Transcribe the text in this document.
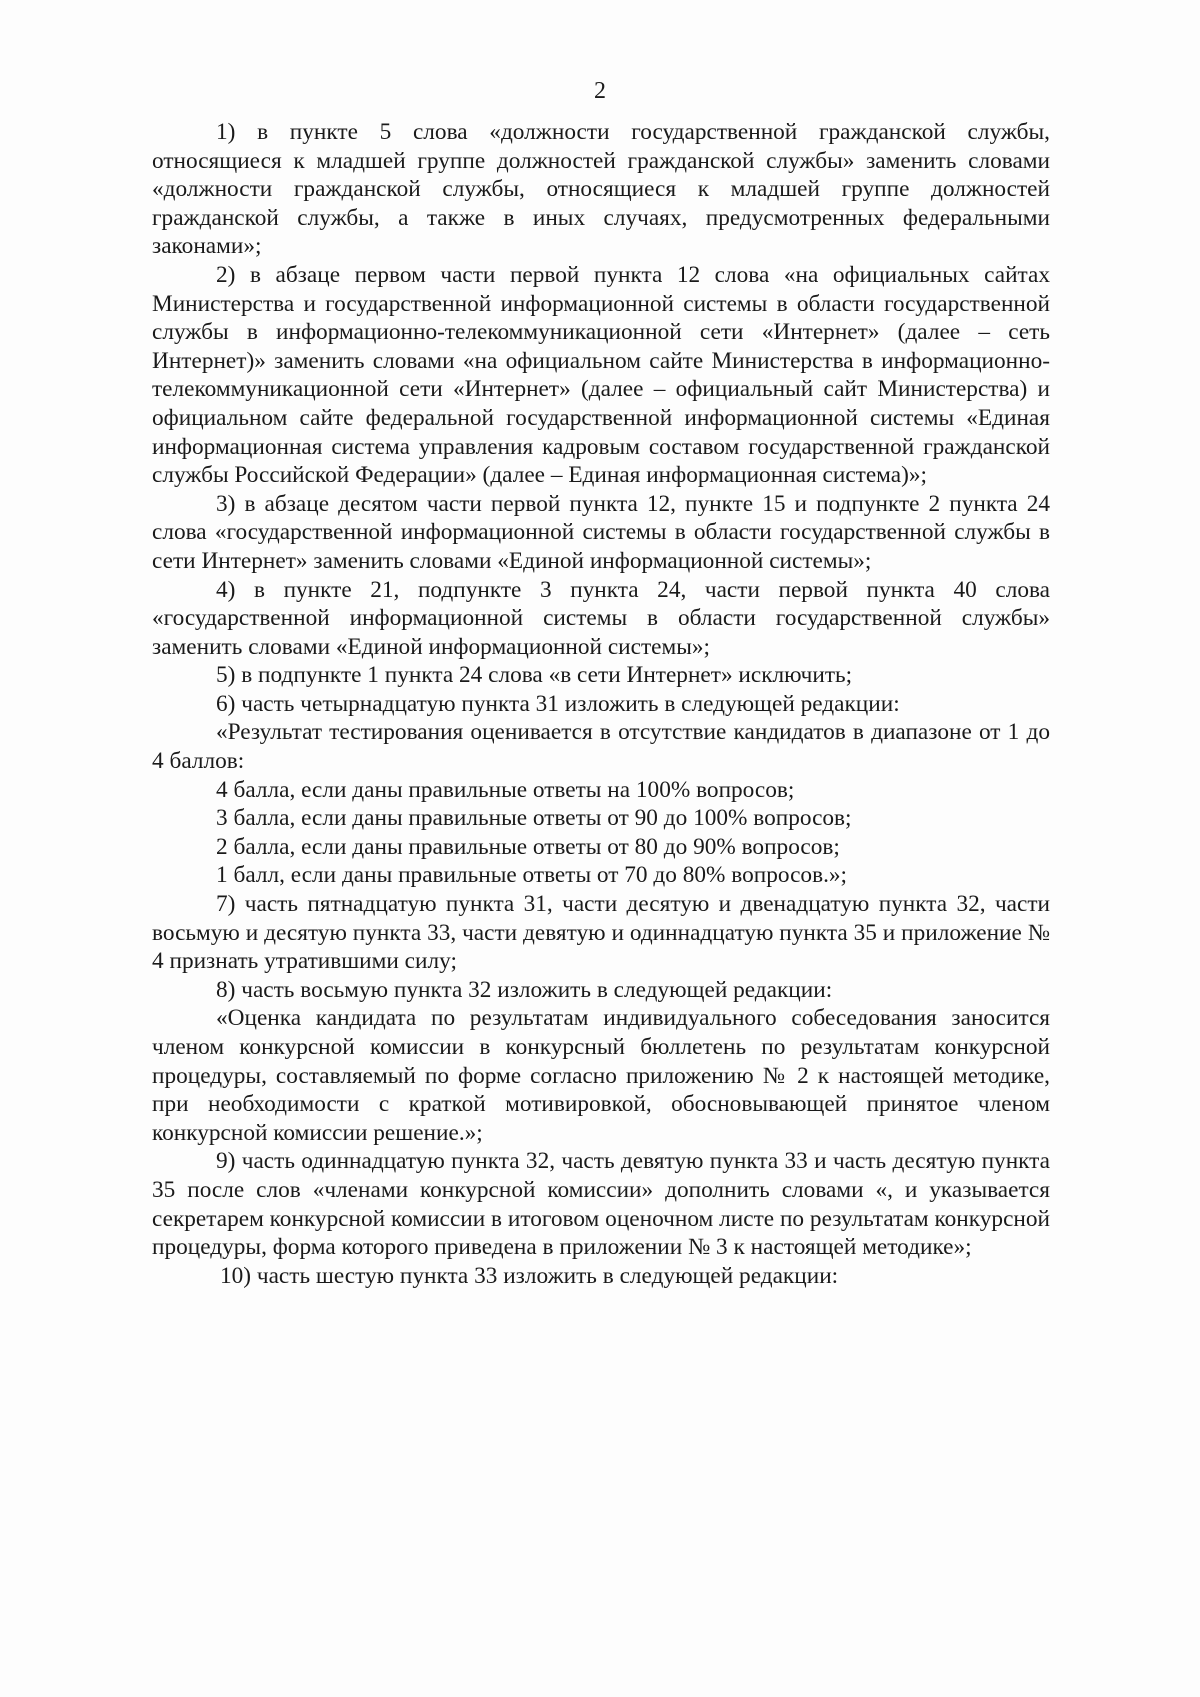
2

1) в пункте 5 слова «должности государственной гражданской службы, относящиеся к младшей группе должностей гражданской службы» заменить словами «должности гражданской службы, относящиеся к младшей группе должностей гражданской службы, а также в иных случаях, предусмотренных федеральными законами»;

2) в абзаце первом части первой пункта 12 слова «на официальных сайтах Министерства и государственной информационной системы в области государственной службы в информационно-телекоммуникационной сети «Интернет» (далее – сеть Интернет)» заменить словами «на официальном сайте Министерства в информационно-телекоммуникационной сети «Интернет» (далее – официальный сайт Министерства) и официальном сайте федеральной государственной информационной системы «Единая информационная система управления кадровым составом государственной гражданской службы Российской Федерации» (далее – Единая информационная система)»;

3) в абзаце десятом части первой пункта 12, пункте 15 и подпункте 2 пункта 24 слова «государственной информационной системы в области государственной службы в сети Интернет» заменить словами «Единой информационной системы»;

4) в пункте 21, подпункте 3 пункта 24, части первой пункта 40 слова «государственной информационной системы в области государственной службы» заменить словами «Единой информационной системы»;

5) в подпункте 1 пункта 24 слова «в сети Интернет» исключить;

6) часть четырнадцатую пункта 31 изложить в следующей редакции:

«Результат тестирования оценивается в отсутствие кандидатов в диапазоне от 1 до 4 баллов:

4 балла, если даны правильные ответы на 100% вопросов;

3 балла, если даны правильные ответы от 90 до 100% вопросов;

2 балла, если даны правильные ответы от 80 до 90% вопросов;

1 балл, если даны правильные ответы от 70 до 80% вопросов.»;

7) часть пятнадцатую пункта 31, части десятую и двенадцатую пункта 32, части восьмую и десятую пункта 33, части девятую и одиннадцатую пункта 35 и приложение № 4 признать утратившими силу;

8) часть восьмую пункта 32 изложить в следующей редакции:

«Оценка кандидата по результатам индивидуального собеседования заносится членом конкурсной комиссии в конкурсный бюллетень по результатам конкурсной процедуры, составляемый по форме согласно приложению № 2 к настоящей методике, при необходимости с краткой мотивировкой, обосновывающей принятое членом конкурсной комиссии решение.»;

9) часть одиннадцатую пункта 32, часть девятую пункта 33 и часть десятую пункта 35 после слов «членами конкурсной комиссии» дополнить словами «, и указывается секретарем конкурсной комиссии в итоговом оценочном листе по результатам конкурсной процедуры, форма которого приведена в приложении № 3 к настоящей методике»;

10) часть шестую пункта 33 изложить в следующей редакции:
